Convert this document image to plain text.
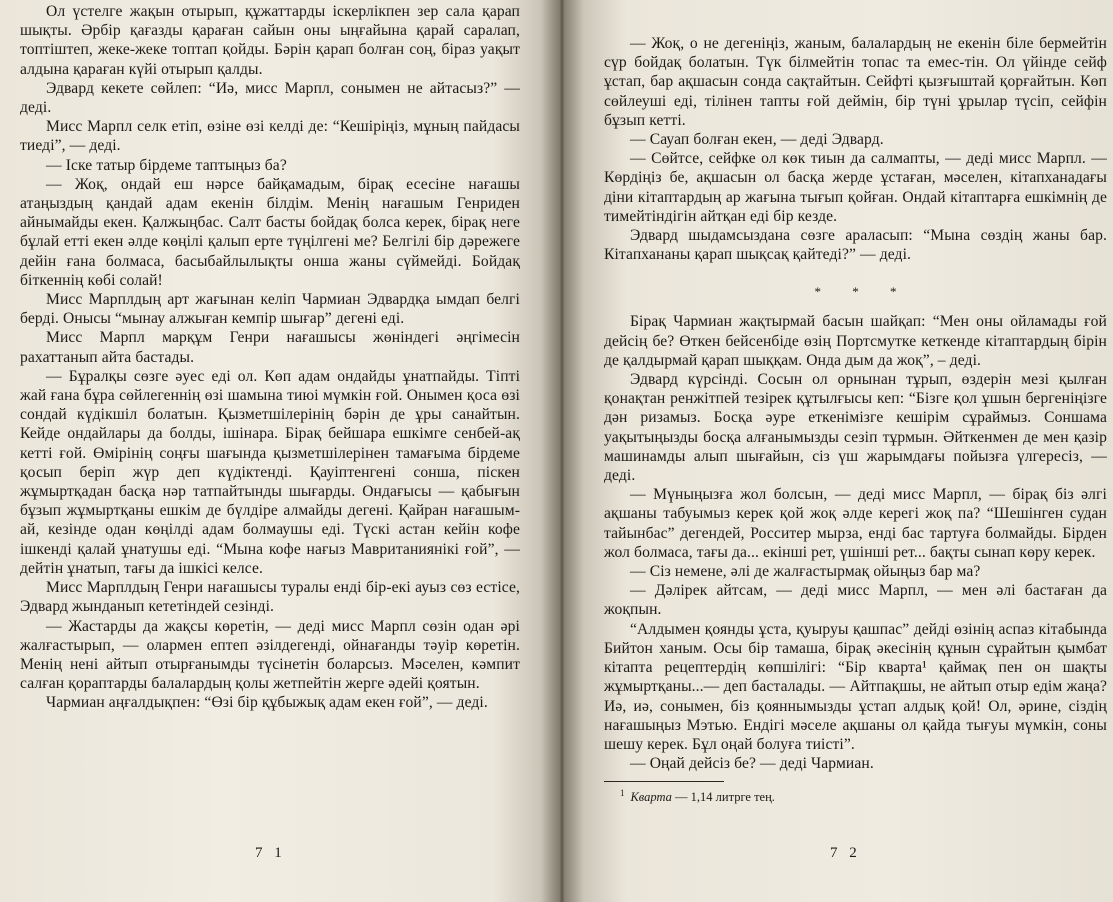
Ол үстелге жақын отырып, құжаттарды іскерлікпен зер сала қарап шықты. Әрбір қағазды қараған сайын оны ыңғайына қарай саралап, топтіштеп, жеке-жеке топтап қойды. Бәрін қарап болған соң, біраз уақыт алдына қараған күйі отырып қалды.

Эдвард кекете сөйлеп: “Иә, мисс Марпл, сонымен не айтасыз?” — деді.

Мисс Марпл селк етіп, өзіне өзі келді де: “Кешіріңіз, мұның пайдасы тиеді”, — деді.

— Іске татыр бірдеме таптыңыз ба?

— Жоқ, ондай еш нәрсе байқамадым, бірақ есесіне нағашы атаңыздың қандай адам екенін білдім. Менің нағашым Генриден айнымайды екен. Қалжыңбас. Салт басты бойдақ болса керек, бірақ неге бұлай етті екен әлде көңілі қалып ерте түңілгені ме? Белгілі бір дәрежеге дейін ғана болмаса, басыбайлылықты онша жаны сүймейді. Бойдақ біткеннің көбі солай!

Мисс Марплдың арт жағынан келіп Чармиан Эдвардқа ымдап белгі берді. Онысы “мынау алжыған кемпір шығар” дегені еді.

Мисс Марпл марқұм Генри нағашысы жөніндегі әңгімесін рахаттанып айта бастады.

— Бұралқы сөзге әуес еді ол. Көп адам ондайды ұнатпайды. Тіпті жай ғана бұра сөйлегеннің өзі шамына тиюі мүмкін ғой. Онымен қоса өзі сондай күдікшіл болатын. Қызметшілерінің бәрін де ұры санайтын. Кейде ондайлары да болды, ішінара. Бірақ бейшара ешкімге сенбей-ақ кетті ғой. Өмірінің соңғы шағында қызметшілерінен тамағыма бірдеме қосып беріп жүр деп күдіктенді. Қауіптенгені сонша, піскен жұмыртқадан басқа нәр татпайтынды шығарды. Ондағысы — қабығын бұзып жұмыртқаны ешкім де бүлдіре алмайды дегені. Қайран нағашым-ай, кезінде одан көңілді адам болмаушы еді. Түскі астан кейін кофе ішкенді қалай ұнатушы еді. “Мына кофе нағыз Мавританиянікі ғой”, — дейтін ұнатып, тағы да ішкісі келсе.

Мисс Марплдың Генри нағашысы туралы енді бір-екі ауыз сөз естісе, Эдвард жынданып кететіндей сезінді.

— Жастарды да жақсы көретін, — деді мисс Марпл сөзін одан әрі жалғастырып, — олармен ептеп әзілдегенді, ойнағанды тәуір көретін. Менің нені айтып отырғанымды түсінетін боларсыз. Мәселен, кәмпит салған қораптарды балалардың қолы жетпейтін жерге әдейі қоятын.

Чармиан аңғалдықпен: “Өзі бір құбыжық адам екен ғой”, — деді.

7 1

— Жоқ, о не дегеніңіз, жаным, балалардың не екенін біле бермейтін сүр бойдақ болатын. Түк білмейтін топас та емес-тін. Ол үйінде сейф ұстап, бар ақшасын сонда сақтайтын. Сейфті қызғыштай қорғайтын. Көп сөйлеуші еді, тілінен тапты ғой деймін, бір түні ұрылар түсіп, сейфін бұзып кетті.

— Сауап болған екен, — деді Эдвард.

— Сөйтсе, сейфке ол көк тиын да салмапты, — деді мисс Марпл. — Көрдіңіз бе, ақшасын ол басқа жерде ұстаған, мәселен, кітапханадағы діни кітаптардың ар жағына тығып қойған. Ондай кітаптарға ешкімнің де тимейтіндігін айтқан еді бір кезде.

Эдвард шыдамсыздана сөзге араласып: “Мына сөздің жаны бар. Кітапхананы қарап шықсақ қайтеді?” — деді.

* * *

Бірақ Чармиан жақтырмай басын шайқап: “Мен оны ойламады ғой дейсің бе? Өткен бейсенбіде өзің Портсмутке кеткенде кітаптардың бірін де қалдырмай қарап шыққам. Онда дым да жоқ”, – деді.

Эдвард күрсінді. Сосын ол орнынан тұрып, өздерін мезі қылған қонақтан ренжітпей тезірек құтылғысы кеп: “Бізге қол ұшын бергеніңізге дән ризамыз. Босқа әуре еткенімізге кешірім сұраймыз. Соншама уақытыңызды босқа алғанымызды сезіп тұрмын. Әйткенмен де мен қазір машинамды алып шығайын, сіз үш жарымдағы пойызға үлгересіз, — деді.

— Мүныңызға жол болсын, — деді мисс Марпл, — бірақ біз әлгі ақшаны табуымыз керек қой жоқ әлде керегі жоқ па? “Шешінген судан тайынбас” дегендей, Росситер мырза, енді бас тартуға болмайды. Бірден жол болмаса, тағы да... екінші рет, үшінші рет... бақты сынап көру керек.

— Сіз немене, әлі де жалғастырмақ ойыңыз бар ма?

— Дәлірек айтсам, — деді мисс Марпл, — мен әлі бастаған да жоқпын.

“Алдымен қоянды ұста, қуыруы қашпас” дейді өзінің аспаз кітабында Бийтон ханым. Осы бір тамаша, бірақ әкесінің құнын сұрайтын қымбат кітапта рецептердің көпшілігі: “Бір кварта¹ қаймақ пен он шақты жұмыртқаны...— деп басталады. — Айтпақшы, не айтып отыр едім жаңа? Иә, иә, сонымен, біз қояннымызды ұстап алдық қой! Ол, әрине, сіздің нағашыңыз Мэтью. Ендігі мәселе ақшаны ол қайда тығуы мүмкін, соны шешу керек. Бұл оңай болуға тиісті”.

— Оңай дейсіз бе? — деді Чармиан.

$^1$ Кварта — 1,14 литрге тең.
7 2
